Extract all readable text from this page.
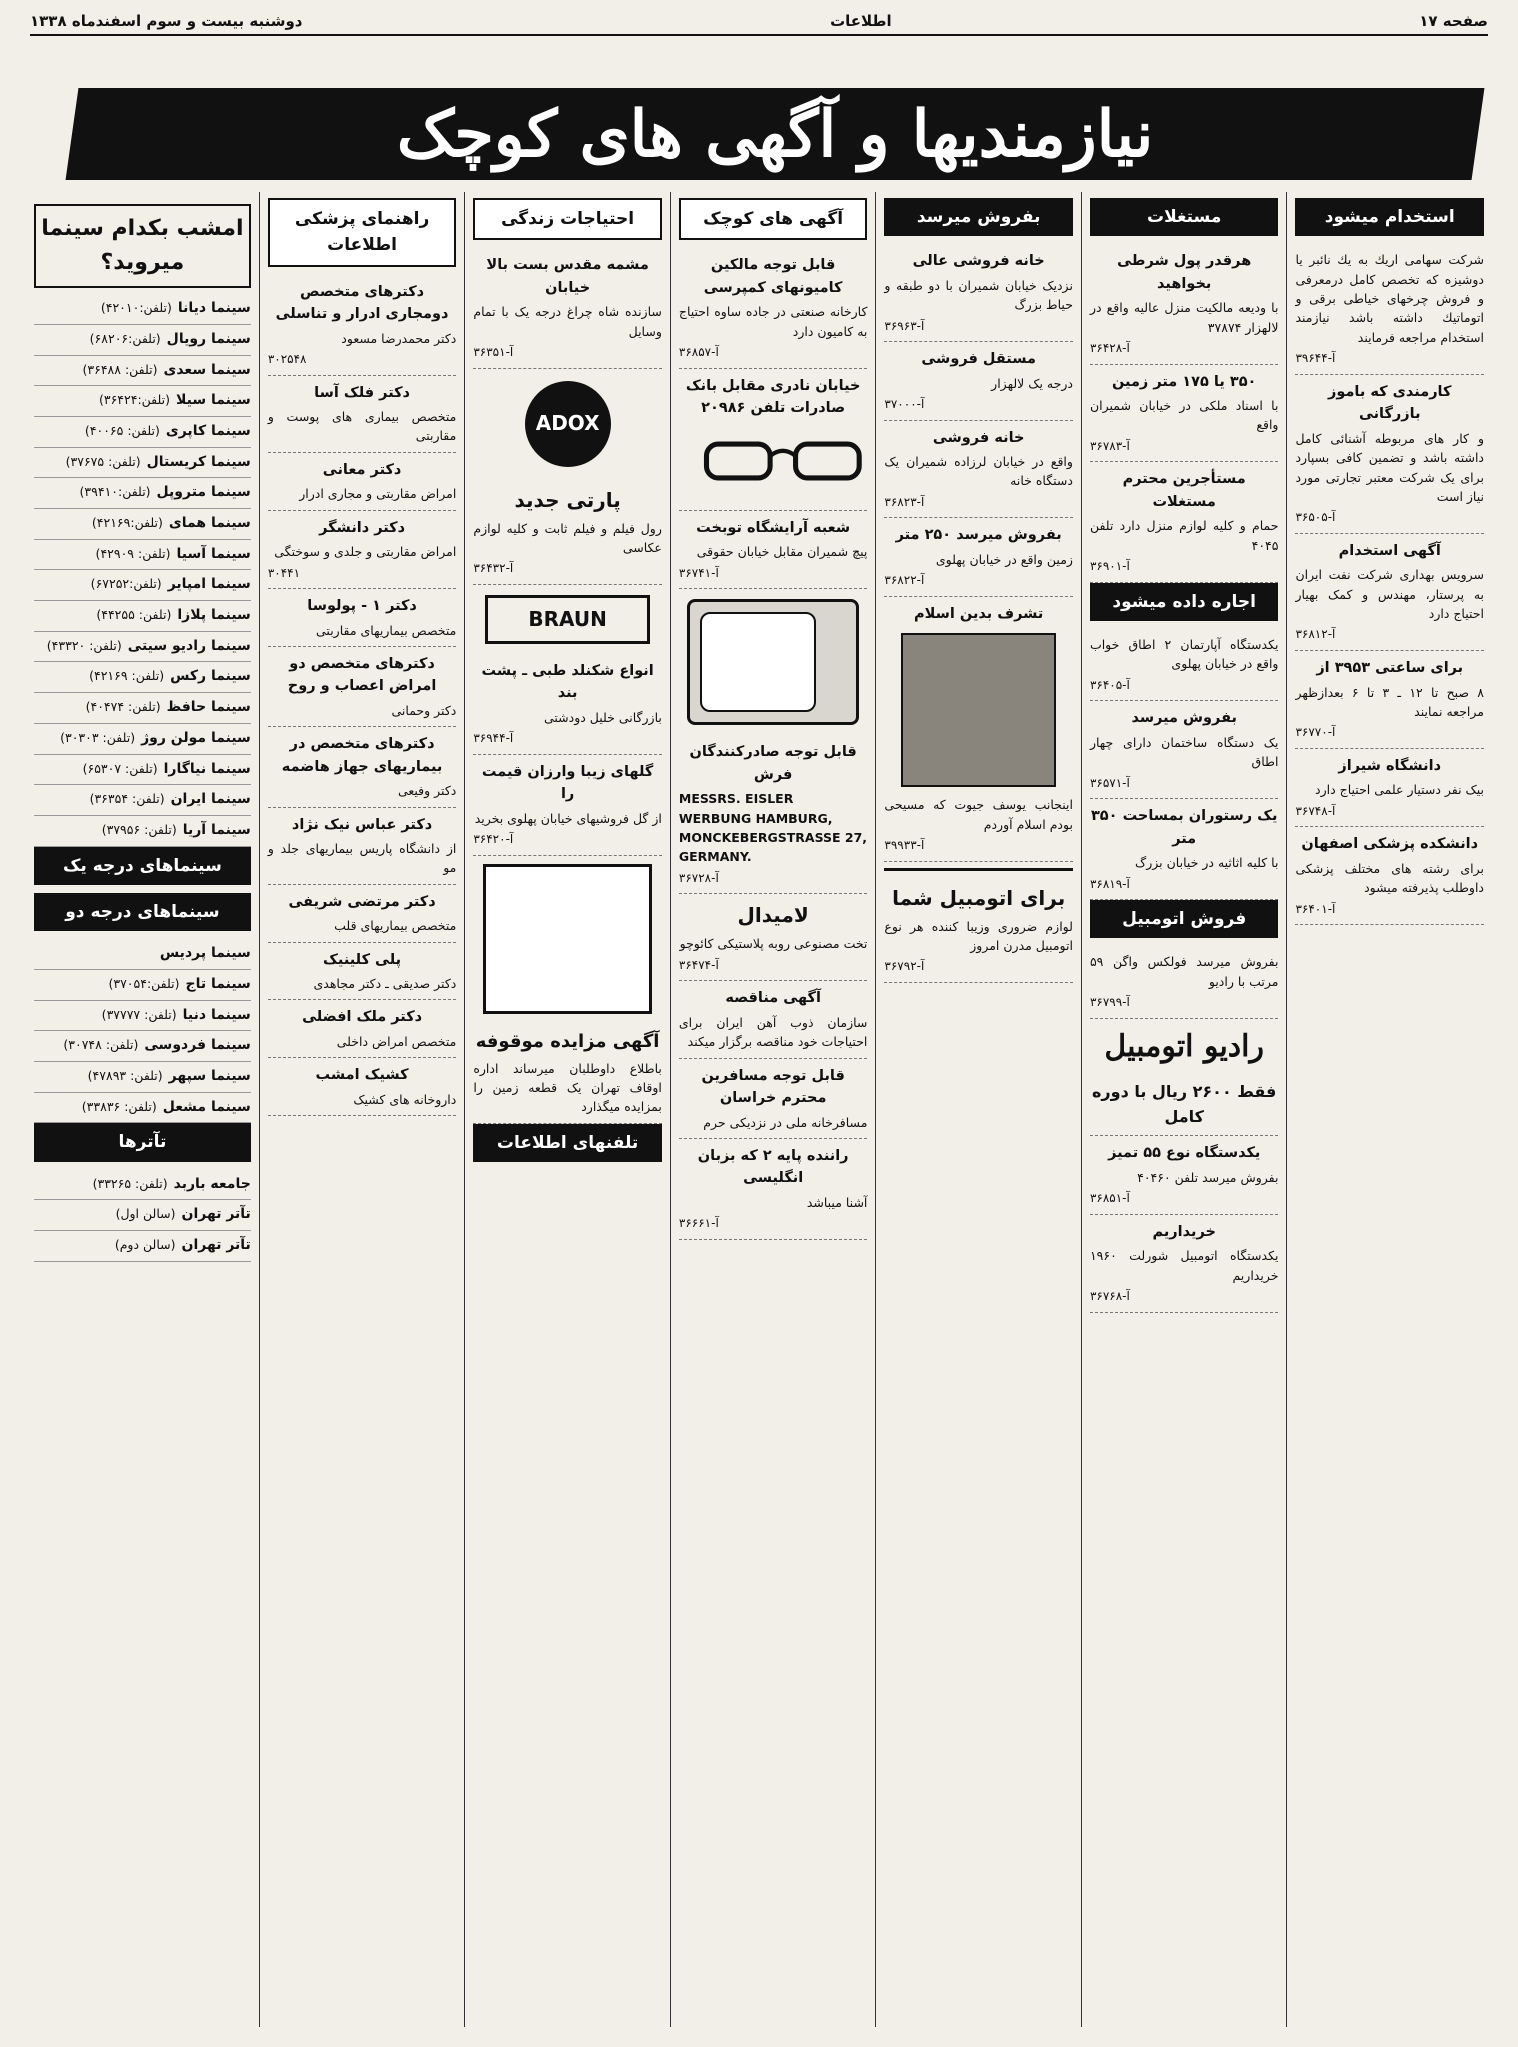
صفحه ۱۷
اطلاعات
دوشنبه بیست و سوم اسفندماه ۱۳۳۸
نیازمندیها و آگهی های کوچک
استخدام میشود

شرکت سهامی اریك به یك نائبر یا دوشیزه که تخصص کامل درمعرفی و فروش چرخهای خیاطی برقی و اتوماتیك داشته باشد نیازمند استخدام مراجعه فرمایند

آ-۳۹۶۴۴
کارمندی که باموز بازرگانی

و کار های مربوطه آشنائی کامل داشته باشد و تضمین کافی بسپارد برای یک شرکت معتبر تجارتی مورد نیاز است

آ-۳۶۵۰۵
آگهی استخدام

سرویس بهداری شرکت نفت ایران به پرستار، مهندس و کمک بهیار احتیاج دارد

آ-۳۶۸۱۲
برای ساعتی ۳۹۵۳ از

۸ صبح تا ۱۲ ـ ۳ تا ۶ بعدازظهر مراجعه نمایند

آ-۳۶۷۷۰
دانشگاه شیراز

بیک نفر دستیار علمی احتیاج دارد

آ-۳۶۷۴۸
دانشکده پزشکی اصفهان

برای رشته های مختلف پزشکی داوطلب پذیرفته میشود

آ-۳۶۴۰۱
مستغلات
هرقدر پول شرطی بخواهید

با ودیعه مالکیت منزل عالیه واقع در لالهزار ۳۷۸۷۴

آ-۳۶۴۲۸
۳۵۰ یا ۱۷۵ متر زمین

با اسناد ملکی در خیابان شمیران واقع

آ-۳۶۷۸۳
مستأجرین محترم مستغلات

حمام و کلیه لوازم منزل دارد تلفن ۴۰۴۵

آ-۳۶۹۰۱
اجاره داده میشود

یکدستگاه آپارتمان ۲ اطاق خواب واقع در خیابان پهلوی

آ-۳۶۴۰۵
بفروش میرسد

یک دستگاه ساختمان دارای چهار اطاق

آ-۳۶۵۷۱
یک رستوران بمساحت ۳۵۰ متر

با کلیه اثاثیه در خیابان بزرگ

آ-۳۶۸۱۹
فروش اتومبیل

بفروش میرسد فولکس واگن ۵۹ مرتب با رادیو

آ-۳۶۷۹۹
رادیو اتومبیل

فقط ۲۶۰۰ ریال با دوره کامل

یکدستگاه نوع ۵۵ تمیز

بفروش میرسد تلفن ۴۰۴۶۰

آ-۳۶۸۵۱
خریداریم

یکدستگاه اتومبیل شورلت ۱۹۶۰ خریداریم

آ-۳۶۷۶۸
بفروش میرسد
خانه فروشی عالی

نزدیک خیابان شمیران با دو طبقه و حیاط بزرگ

آ-۳۶۹۶۳
مستقل فروشی

درجه یک لالهزار

آ-۳۷۰۰۰
خانه فروشی

واقع در خیابان لرزاده شمیران یک دستگاه خانه

آ-۳۶۸۲۳
بفروش میرسد ۲۵۰ متر

زمین واقع در خیابان پهلوی

آ-۳۶۸۲۲
تشرف بدین اسلام

اینجانب یوسف جیوت که مسیحی بودم اسلام آوردم

آ-۳۹۹۳۳
برای اتومبیل شما

لوازم ضروری وزیبا کننده هر نوع اتومبیل مدرن امروز

آ-۳۶۷۹۲
آگهی های کوچک
قابل توجه مالکین کامیونهای کمپرسی

کارخانه صنعتی در جاده ساوه احتیاج به کامیون دارد

آ-۳۶۸۵۷
خیابان نادری مقابل بانک صادرات تلفن ۲۰۹۸۶
شعبه آرایشگاه توبخت

پیچ شمیران مقابل خیابان حقوقی

آ-۳۶۷۴۱
قابل توجه صادرکنندگان فرش

MESSRS. EISLER WERBUNG HAMBURG, MONCKEBERGSTRASSE 27, GERMANY.

آ-۳۶۷۲۸
لامیدال

تخت مصنوعی روبه پلاستیکی کائوچو

آ-۳۶۴۷۴
آگهی مناقصه

سازمان ذوب آهن ایران برای احتیاجات خود مناقصه برگزار میکند

قابل توجه مسافرین محترم خراسان

مسافرخانه ملی در نزدیکی حرم

راننده پایه ۲ که بزبان انگلیسی

آشنا میباشد

آ-۳۶۶۶۱
احتیاجات زندگی
مشمه مقدس بست بالا خیابان

سازنده شاه چراغ درجه یک با تمام وسایل

آ-۳۶۳۵۱
ADOX
پارتی جدید

رول فیلم و فیلم ثابت و کلیه لوازم عکاسی

آ-۳۶۴۳۲
BRAUN
انواع شکنلد طبی ـ پشت بند

بازرگانی خلیل دودشتی

آ-۳۶۹۴۴
گلهای زیبا وارزان قیمت را

از گل فروشیهای خیابان پهلوی بخرید

آ-۳۶۴۲۰
آگهی مزایده موقوفه

باطلاع داوطلبان میرساند اداره اوقاف تهران یک قطعه زمین را بمزایده میگذارد

تلفنهای اطلاعات
راهنمای پزشکی اطلاعات
دکترهای متخصص دومجاری ادرار و تناسلی

دکتر محمدرضا مسعود

۳۰۲۵۴۸
دکتر فلک آسا

متخصص بیماری های پوست و مقاربتی

دکتر معانی

امراض مقاربتی و مجاری ادرار

دکتر دانشگر

امراض مقاربتی و جلدی و سوختگی

۳۰۴۴۱
دکتر ۱ - پولوسا

متخصص بیماریهای مقاربتی

دکترهای متخصص دو امراض اعصاب و روح

دکتر وحمانی

دکترهای متخصص در بیماریهای جهاز هاضمه

دکتر وفیعی

دکتر عباس نیک نژاد

از دانشگاه پاریس بیماریهای جلد و مو

دکتر مرتضی شریفی

متخصص بیماریهای قلب

پلی کلینیک

دکتر صدیقی ـ دکتر مجاهدی

دکتر ملک افضلی

متخصص امراض داخلی

کشیک امشب

داروخانه های کشیک

امشب بکدام سینما میروید؟
سینما دیانا(تلفن:۴۲۰۱۰)
سینما رویال(تلفن:۶۸۲۰۶)
سینما سعدی(تلفن: ۳۶۴۸۸)
سینما سیلا(تلفن:۳۶۴۲۴)
سینما کاپری(تلفن: ۴۰۰۶۵)
سینما کریستال(تلفن: ۳۷۶۷۵)
سینما متروپل(تلفن:۳۹۴۱۰)
سینما همای(تلفن:۴۲۱۶۹)
سینما آسیا(تلفن: ۴۲۹۰۹)
سینما امپایر(تلفن:۶۷۲۵۲)
سینما پلازا(تلفن: ۴۴۲۵۵)
سینما رادیو سیتی(تلفن: ۴۳۳۲۰)
سینما رکس(تلفن: ۴۲۱۶۹)
سینما حافظ(تلفن: ۴۰۴۷۴)
سینما مولن روژ(تلفن: ۳۰۳۰۳)
سینما نیاگارا(تلفن: ۶۵۳۰۷)
سینما ایران(تلفن: ۳۶۳۵۴)
سینما آریا(تلفن: ۳۷۹۵۶)
سینماهای درجه یک
سینماهای درجه دو
سینما پردیس
سینما تاج(تلفن:۳۷۰۵۴)
سینما دنیا(تلفن: ۳۷۷۷۷)
سینما فردوسی(تلفن: ۳۰۷۴۸)
سینما سپهر(تلفن: ۴۷۸۹۳)
سینما مشعل(تلفن: ۳۳۸۳۶)
تآترها
جامعه باربد(تلفن: ۳۳۲۶۵)
تآتر تهران(سالن اول)
تآتر تهران(سالن دوم)
